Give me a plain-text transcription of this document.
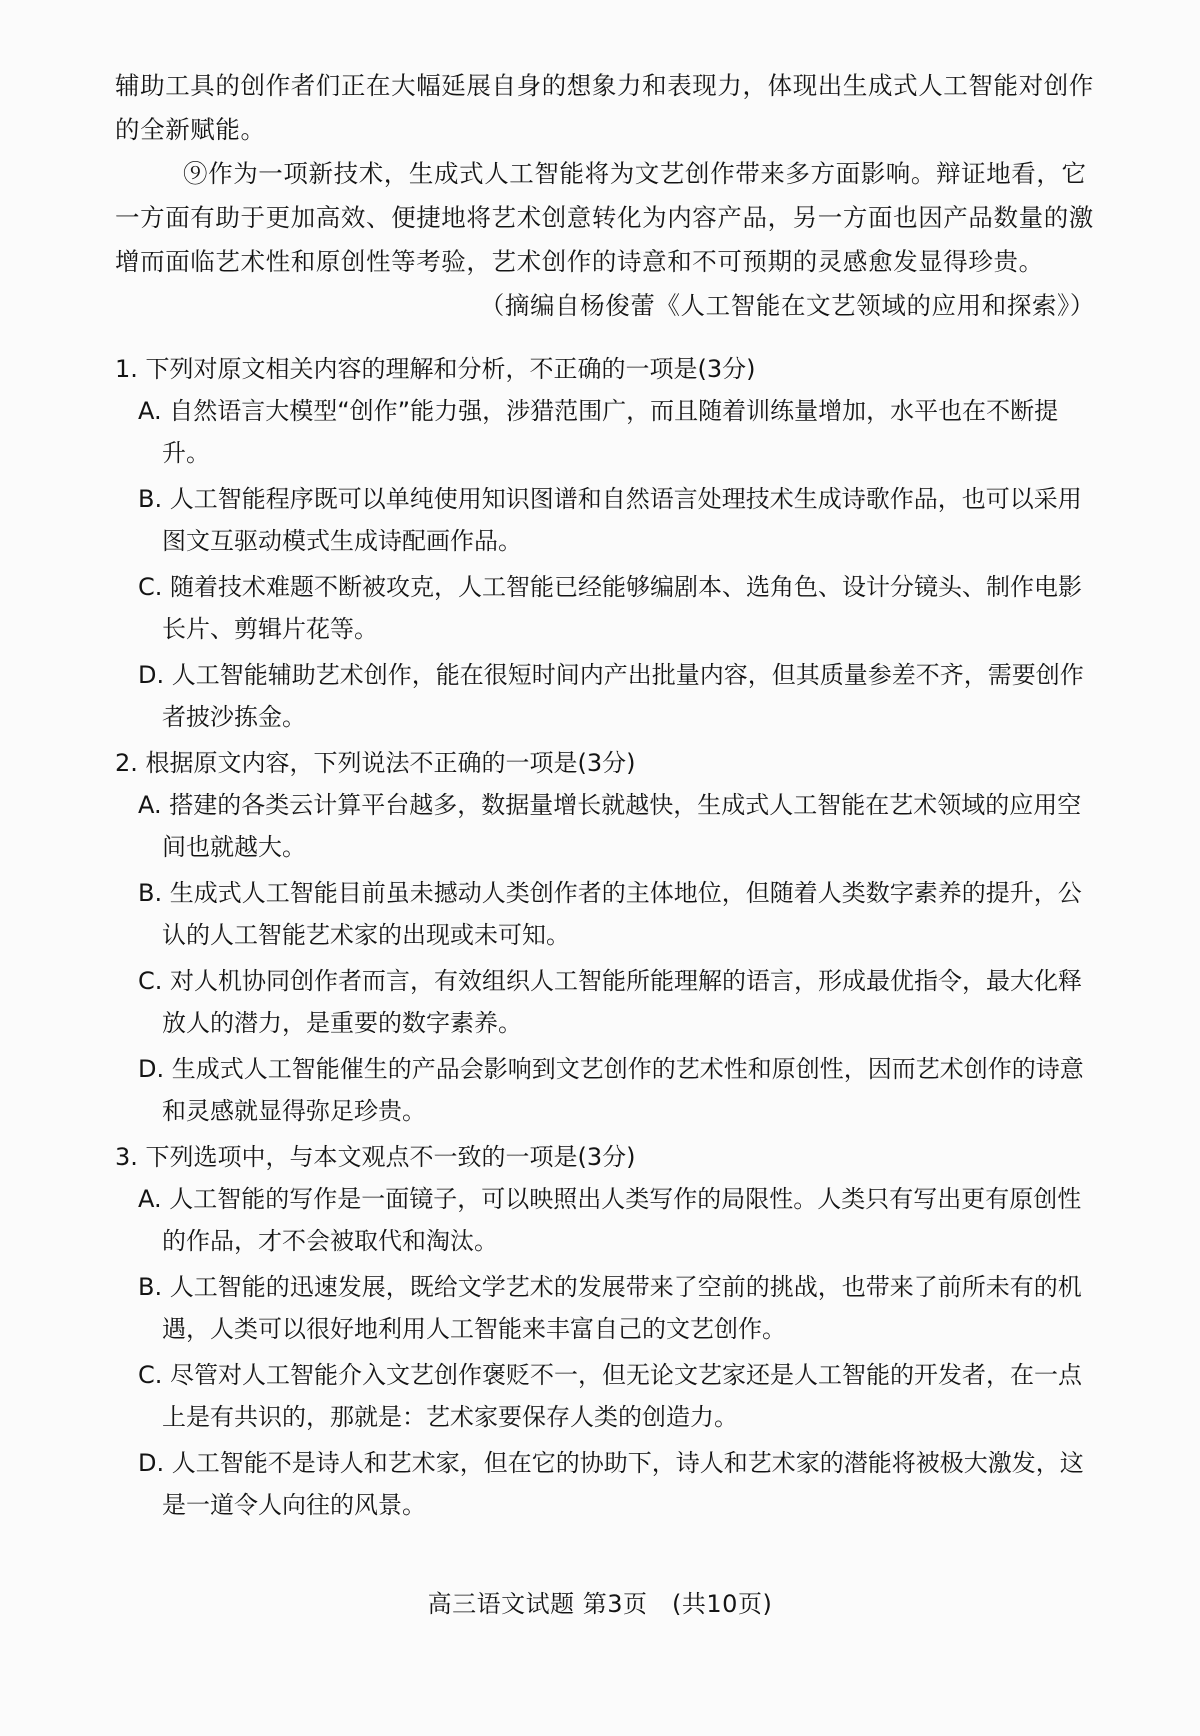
辅助工具的创作者们正在大幅延展自身的想象力和表现力，体现出生成式人工智能对创作的全新赋能。

⑨作为一项新技术，生成式人工智能将为文艺创作带来多方面影响。辩证地看，它一方面有助于更加高效、便捷地将艺术创意转化为内容产品，另一方面也因产品数量的激增而面临艺术性和原创性等考验，艺术创作的诗意和不可预期的灵感愈发显得珍贵。

（摘编自杨俊蕾《人工智能在文艺领域的应用和探索》）

1. 下列对原文相关内容的理解和分析，不正确的一项是(3分)

A. 自然语言大模型“创作”能力强，涉猎范围广，而且随着训练量增加，水平也在不断提升。

B. 人工智能程序既可以单纯使用知识图谱和自然语言处理技术生成诗歌作品，也可以采用图文互驱动模式生成诗配画作品。

C. 随着技术难题不断被攻克，人工智能已经能够编剧本、选角色、设计分镜头、制作电影长片、剪辑片花等。

D. 人工智能辅助艺术创作，能在很短时间内产出批量内容，但其质量参差不齐，需要创作者披沙拣金。

2. 根据原文内容，下列说法不正确的一项是(3分)

A. 搭建的各类云计算平台越多，数据量增长就越快，生成式人工智能在艺术领域的应用空间也就越大。

B. 生成式人工智能目前虽未撼动人类创作者的主体地位，但随着人类数字素养的提升，公认的人工智能艺术家的出现或未可知。

C. 对人机协同创作者而言，有效组织人工智能所能理解的语言，形成最优指令，最大化释放人的潜力，是重要的数字素养。

D. 生成式人工智能催生的产品会影响到文艺创作的艺术性和原创性，因而艺术创作的诗意和灵感就显得弥足珍贵。

3. 下列选项中，与本文观点不一致的一项是(3分)

A. 人工智能的写作是一面镜子，可以映照出人类写作的局限性。人类只有写出更有原创性的作品，才不会被取代和淘汰。

B. 人工智能的迅速发展，既给文学艺术的发展带来了空前的挑战，也带来了前所未有的机遇，人类可以很好地利用人工智能来丰富自己的文艺创作。

C. 尽管对人工智能介入文艺创作褒贬不一，但无论文艺家还是人工智能的开发者，在一点上是有共识的，那就是：艺术家要保存人类的创造力。

D. 人工智能不是诗人和艺术家，但在它的协助下，诗人和艺术家的潜能将被极大激发，这是一道令人向往的风景。

高三语文试题 第3页　(共10页)
